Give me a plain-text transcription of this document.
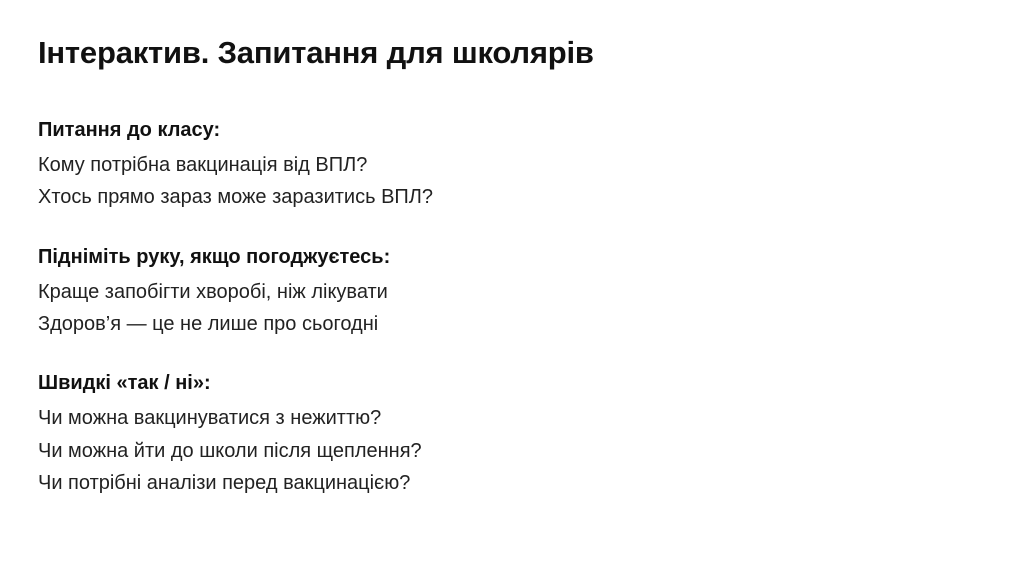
Інтерактив. Запитання для школярів

Питання до класу:

Кому потрібна вакцинація від ВПЛ?

Хтось прямо зараз може заразитись ВПЛ?

Підніміть руку, якщо погоджуєтесь:

Краще запобігти хворобі, ніж лікувати

Здоров’я — це не лише про сьогодні

Швидкі «так / ні»:

Чи можна вакцинуватися з нежиттю?

Чи можна йти до школи після щеплення?

Чи потрібні аналізи перед вакцинацією?
